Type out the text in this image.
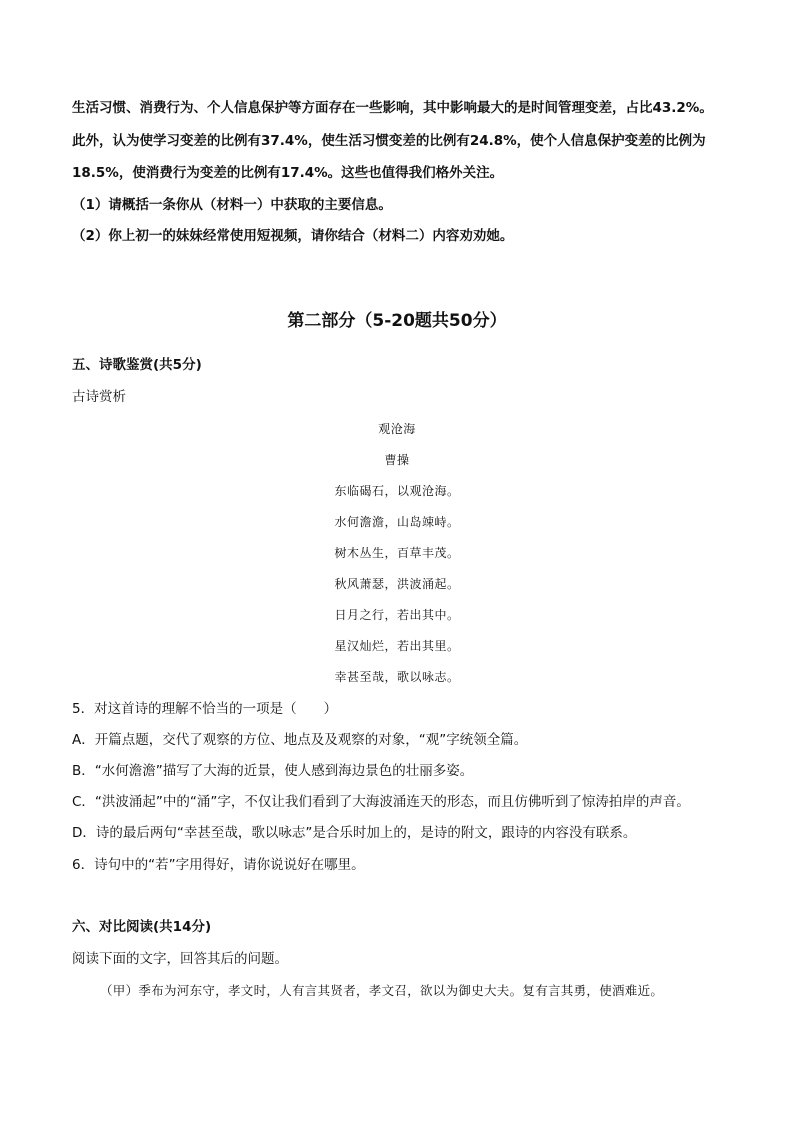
生活习惯、消费行为、个人信息保护等方面存在一些影响，其中影响最大的是时间管理变差，占比43.2%。
此外，认为使学习变差的比例有37.4%，使生活习惯变差的比例有24.8%，使个人信息保护变差的比例为
18.5%，使消费行为变差的比例有17.4%。这些也值得我们格外关注。
（1）请概括一条你从（材料一）中获取的主要信息。
（2）你上初一的妹妹经常使用短视频，请你结合（材料二）内容劝劝她。
第二部分（5-20题共50分）
五、诗歌鉴赏(共5分)
古诗赏析
观沧海
曹操
东临碣石，以观沧海。
水何澹澹，山岛竦峙。
树木丛生，百草丰茂。
秋风萧瑟，洪波涌起。
日月之行，若出其中。
星汉灿烂，若出其里。
幸甚至哉，歌以咏志。
5．对这首诗的理解不恰当的一项是（　　）
A．开篇点题，交代了观察的方位、地点及及观察的对象，“观”字统领全篇。
B．“水何澹澹”描写了大海的近景，使人感到海边景色的壮丽多姿。
C．“洪波涌起”中的“涌”字，不仅让我们看到了大海波涌连天的形态，而且仿佛听到了惊涛拍岸的声音。
D．诗的最后两句“幸甚至哉，歌以咏志”是合乐时加上的，是诗的附文，跟诗的内容没有联系。
6．诗句中的“若”字用得好，请你说说好在哪里。
六、对比阅读(共14分)
阅读下面的文字，回答其后的问题。
（甲）季布为河东守，孝文时，人有言其贤者，孝文召，欲以为御史大夫。复有言其勇，使酒难近。
